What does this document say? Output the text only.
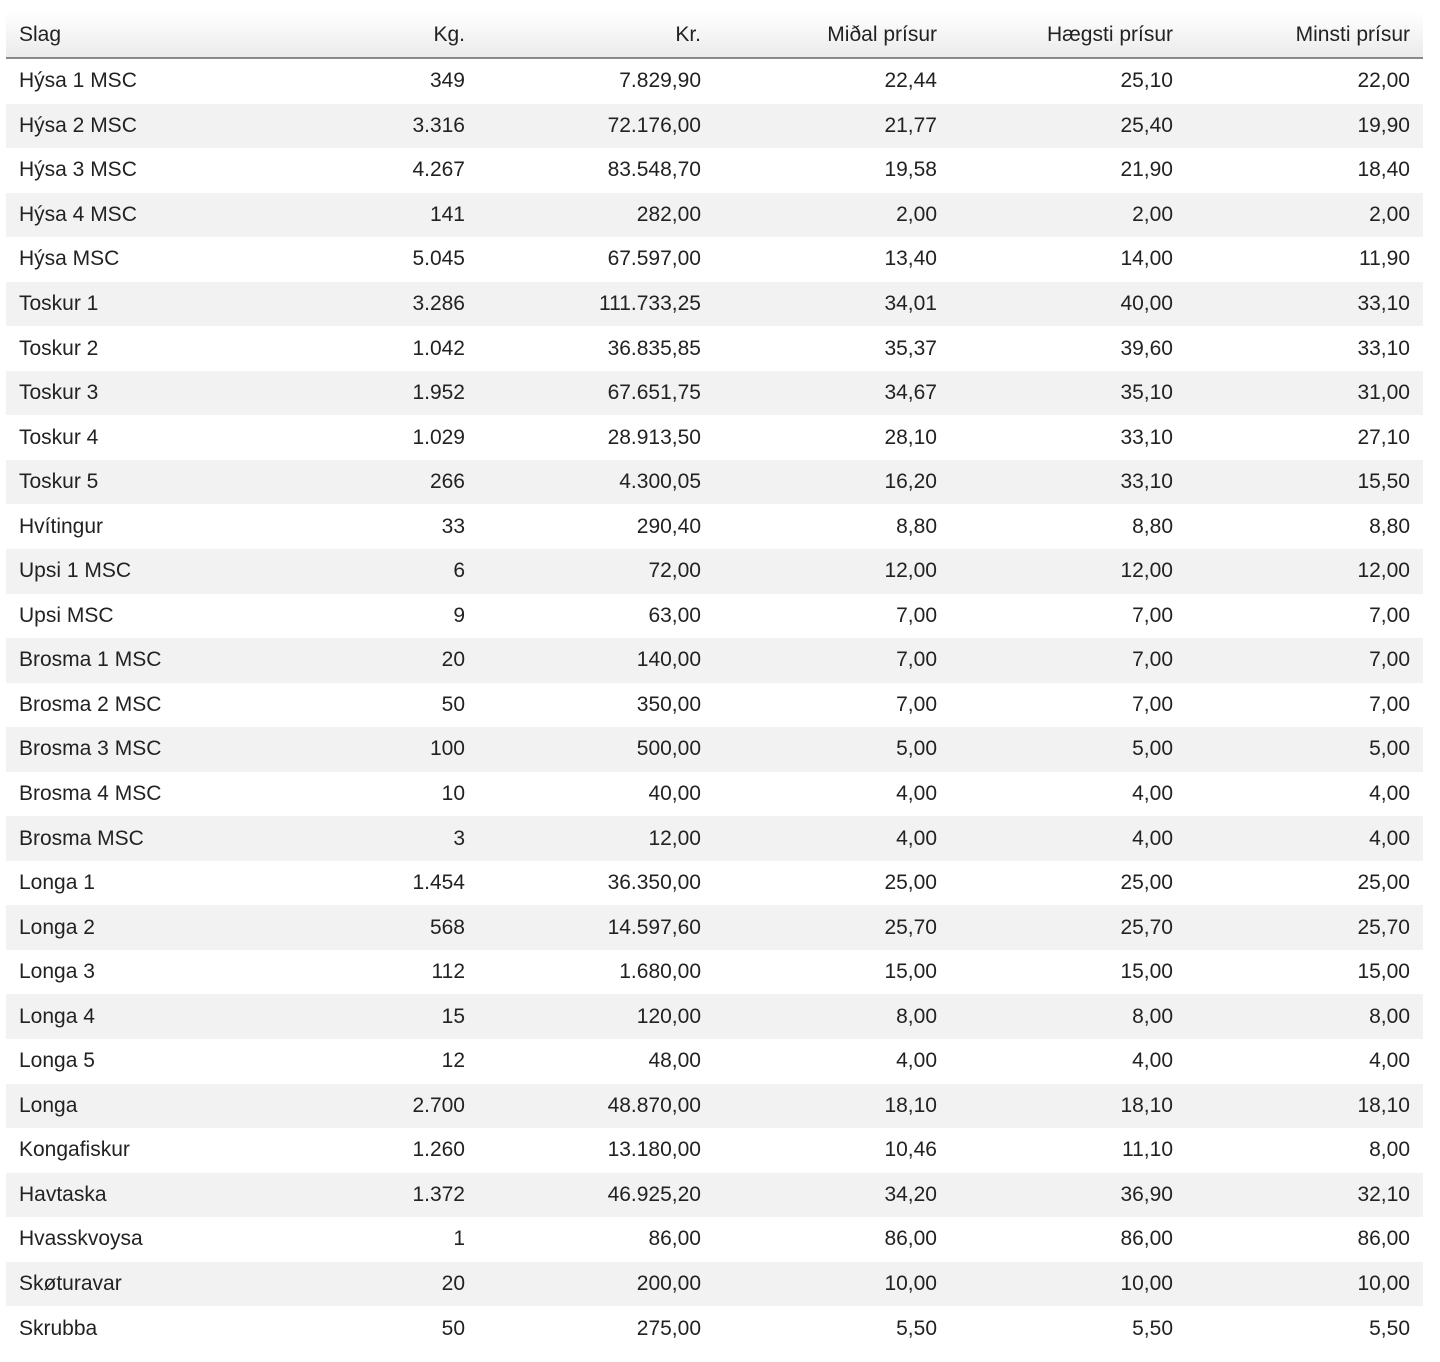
Slag	Kg.	Kr.	Miðal prísur	Hægsti prísur	Minsti prísur
Hýsa 1 MSC	349	7.829,90	22,44	25,10	22,00
Hýsa 2 MSC	3.316	72.176,00	21,77	25,40	19,90
Hýsa 3 MSC	4.267	83.548,70	19,58	21,90	18,40
Hýsa 4 MSC	141	282,00	2,00	2,00	2,00
Hýsa MSC	5.045	67.597,00	13,40	14,00	11,90
Toskur 1	3.286	111.733,25	34,01	40,00	33,10
Toskur 2	1.042	36.835,85	35,37	39,60	33,10
Toskur 3	1.952	67.651,75	34,67	35,10	31,00
Toskur 4	1.029	28.913,50	28,10	33,10	27,10
Toskur 5	266	4.300,05	16,20	33,10	15,50
Hvítingur	33	290,40	8,80	8,80	8,80
Upsi 1 MSC	6	72,00	12,00	12,00	12,00
Upsi MSC	9	63,00	7,00	7,00	7,00
Brosma 1 MSC	20	140,00	7,00	7,00	7,00
Brosma 2 MSC	50	350,00	7,00	7,00	7,00
Brosma 3 MSC	100	500,00	5,00	5,00	5,00
Brosma 4 MSC	10	40,00	4,00	4,00	4,00
Brosma MSC	3	12,00	4,00	4,00	4,00
Longa 1	1.454	36.350,00	25,00	25,00	25,00
Longa 2	568	14.597,60	25,70	25,70	25,70
Longa 3	112	1.680,00	15,00	15,00	15,00
Longa 4	15	120,00	8,00	8,00	8,00
Longa 5	12	48,00	4,00	4,00	4,00
Longa	2.700	48.870,00	18,10	18,10	18,10
Kongafiskur	1.260	13.180,00	10,46	11,10	8,00
Havtaska	1.372	46.925,20	34,20	36,90	32,10
Hvasskvoysa	1	86,00	86,00	86,00	86,00
Skøturavar	20	200,00	10,00	10,00	10,00
Skrubba	50	275,00	5,50	5,50	5,50
